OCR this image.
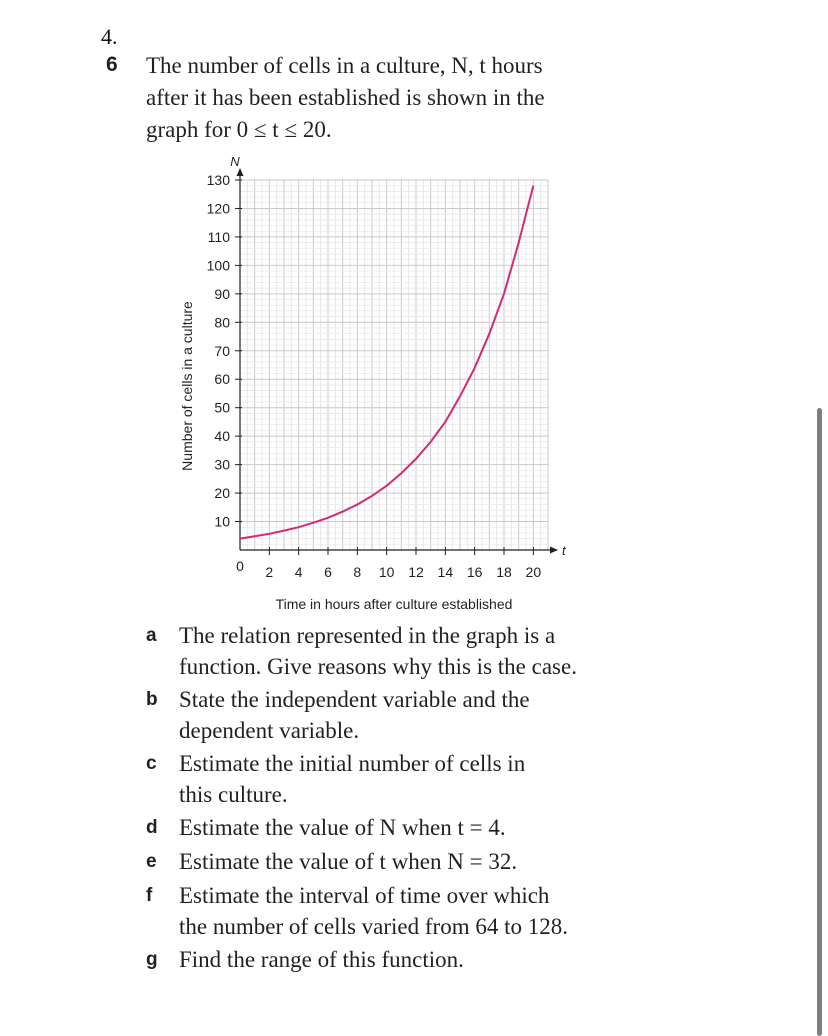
4.
6 The number of cells in a culture, N, t hours
after it has been established is shown in the
graph for 0 ≤ t ≤ 20.
10
20
30
40
50
60
70
80
90
100
110
120
130
2 4 6 8 10 12 14 16 18 20
N
t
0
Time in hours after culture established
Number of cells in a culture
a The relation represented in the graph is a
function. Give reasons why this is the case.
b State the independent variable and the
dependent variable.
c Estimate the initial number of cells in
this culture.
d Estimate the value of N when t = 4.
e Estimate the value of t when N = 32.
f	Estimate the interval of time over which
the number of cells varied from 64 to 128.
g Find the range of this function.
